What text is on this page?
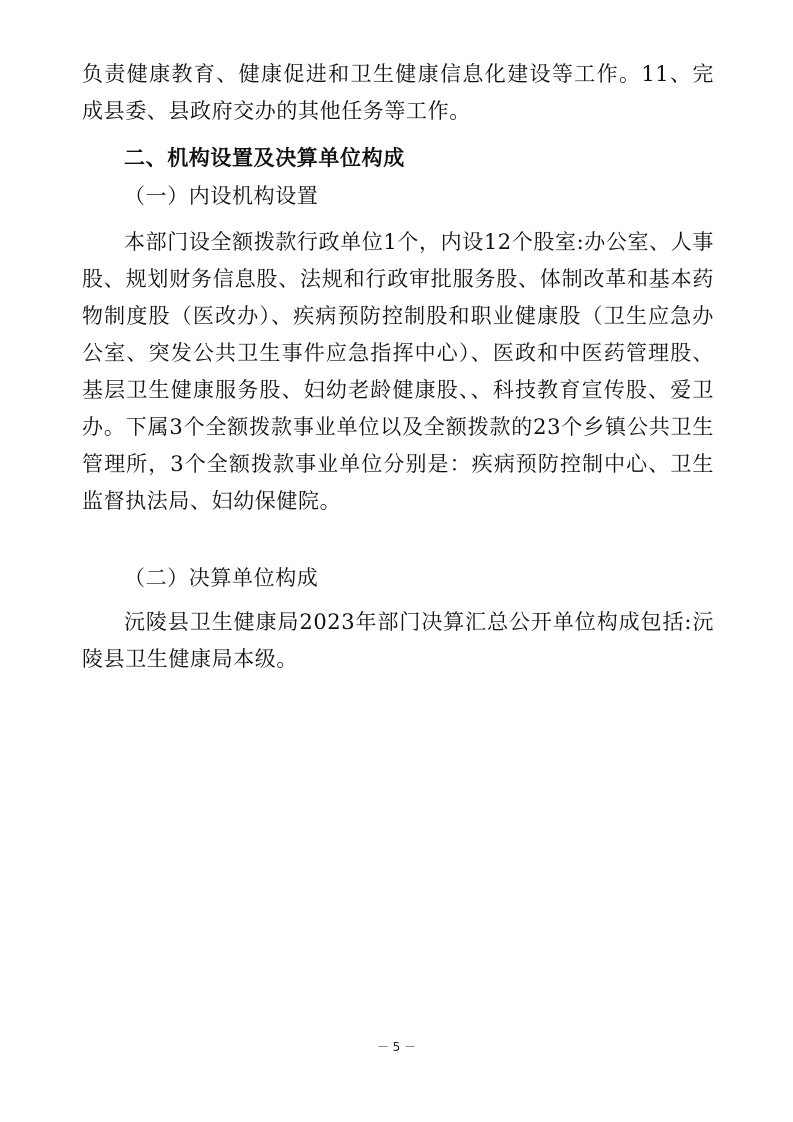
负责健康教育、健康促进和卫生健康信息化建设等工作。11、完成县委、县政府交办的其他任务等工作。

二、机构设置及决算单位构成

（一）内设机构设置

本部门设全额拨款行政单位1个，内设12个股室:办公室、人事股、规划财务信息股、法规和行政审批服务股、体制改革和基本药物制度股（医改办）、疾病预防控制股和职业健康股（卫生应急办公室、突发公共卫生事件应急指挥中心）、医政和中医药管理股、基层卫生健康服务股、妇幼老龄健康股、、科技教育宣传股、爱卫办。下属3个全额拨款事业单位以及全额拨款的23个乡镇公共卫生管理所，3个全额拨款事业单位分别是：疾病预防控制中心、卫生监督执法局、妇幼保健院。

（二）决算单位构成

沅陵县卫生健康局2023年部门决算汇总公开单位构成包括:沅陵县卫生健康局本级。

－ 5 －
